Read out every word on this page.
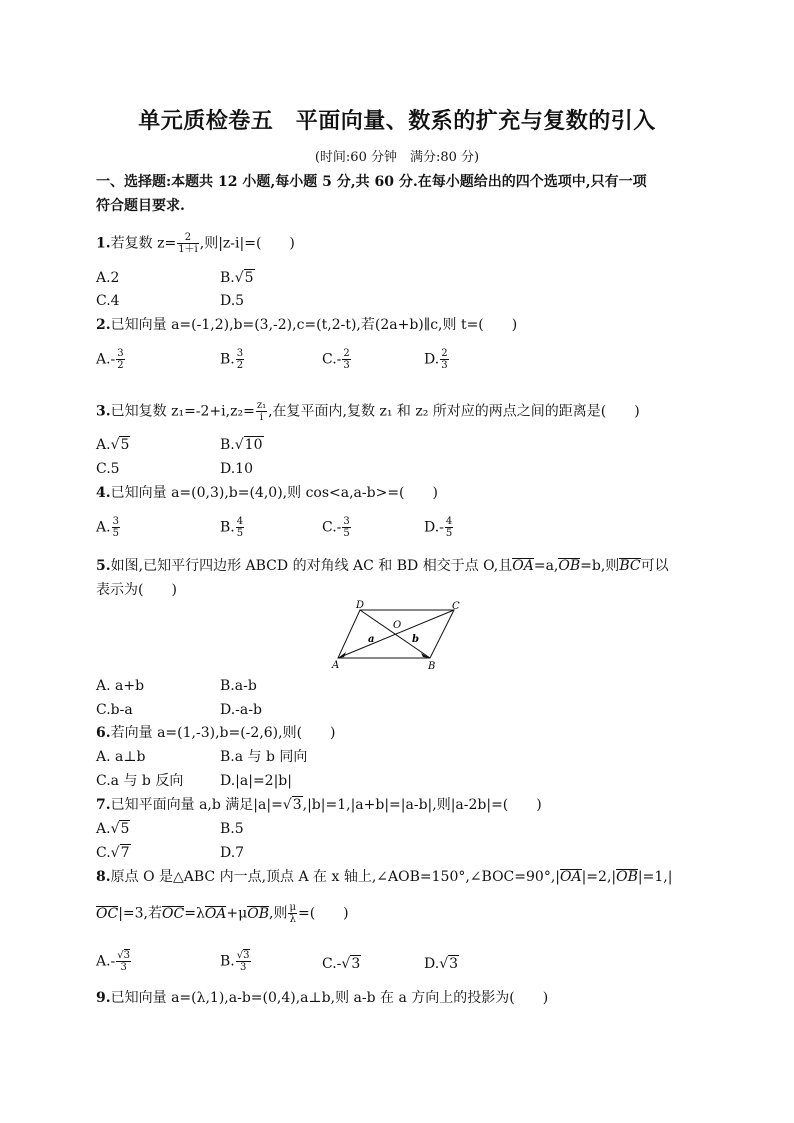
单元质检卷五　平面向量、数系的扩充与复数的引入
(时间:60 分钟　满分:80 分)
一、选择题:本题共 12 小题,每小题 5 分,共 60 分.在每小题给出的四个选项中,只有一项
符合题目要求.
1.若复数 $z= \frac{2}{1+i}$ ,则|z-i|=(　　)
A.2	B.√5
C.4	D.5
2.已知向量 a=(-1,2),b=(3,-2),c=(t,2-t),若(2a+b)∥c,则 t=(　　)
$A.- \frac{3}{2}$	B. $\frac{3}{2}$	$C.- \frac{2}{3}$	D. $\frac{2}{3}$
3.已知复数 $z_1=-2+i,z_2= \frac{\text{z₁}}{i}$ ,在复平面内,复数 z₁ 和 z₂ 所对应的两点之间的距离是(　　)
A.√5	B.√10
C.5	D.10
4.已知向量 a=(0,3),b=(4,0),则 cos<a,a-b>=(　　)
A. $\frac{3}{5}$	B. $\frac{4}{5}$	$C.- \frac{3}{5}$	$D.- \frac{4}{5}$
5.如图,已知平行四边形 ABCD 的对角线 AC 和 BD 相交于点 O,且OA=a,OB=b,则BC可以
表示为(　　)
D	C
A	B
O
a	b
A. a+b	B.a-b
C.b-a	D.-a-b
6.若向量 a=(1,-3),b=(-2,6),则(　　)
A. a⊥b	B.a 与 b 同向
C.a 与 b 反向	D.|a|=2|b|
7.已知平面向量 a,b 满足|a|=√3,|b|=1,|a+b|=|a-b|,则|a-2b|=(　　)
A.√5	B.5
C.√7	D.7
8.原点 O 是△ABC 内一点,顶点 A 在 x 轴上,∠AOB=150°,∠BOC=90°,|OA|=2,|OB|=1,|
OC|=3,若OC=λOA+μOB,则 $\frac{\mu}{\lambda}$ =(　　)
$A.- \frac{√3}{3}$	B. $\frac{√3}{3}$	C.-√3	D.√3
9.已知向量 a=(λ,1),a-b=(0,4),a⊥b,则 a-b 在 a 方向上的投影为(　　)
